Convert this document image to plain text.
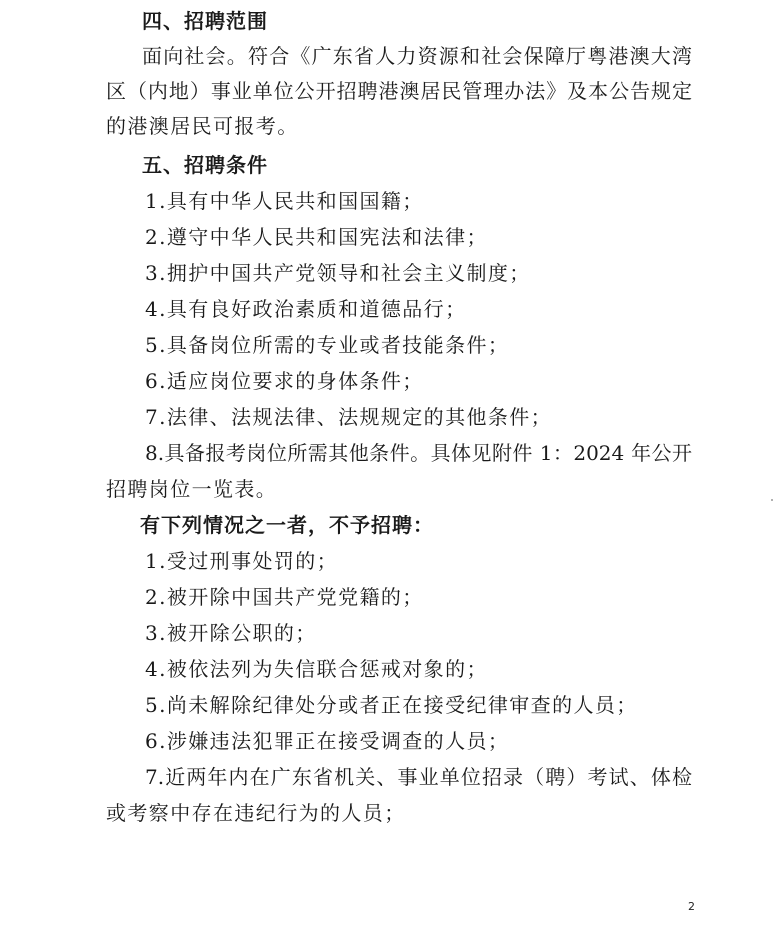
四、招聘范围
面向社会。符合《广东省人力资源和社会保障厅粤港澳大湾
区（内地）事业单位公开招聘港澳居民管理办法》及本公告规定
的港澳居民可报考。
五、招聘条件
1.具有中华人民共和国国籍；
2.遵守中华人民共和国宪法和法律；
3.拥护中国共产党领导和社会主义制度；
4.具有良好政治素质和道德品行；
5.具备岗位所需的专业或者技能条件；
6.适应岗位要求的身体条件；
7.法律、法规法律、法规规定的其他条件；
8.具备报考岗位所需其他条件。具体见附件 1：2024 年公开
招聘岗位一览表。
有下列情况之一者，不予招聘：
1.受过刑事处罚的；
2.被开除中国共产党党籍的；
3.被开除公职的；
4.被依法列为失信联合惩戒对象的；
5.尚未解除纪律处分或者正在接受纪律审查的人员；
6.涉嫌违法犯罪正在接受调查的人员；
7.近两年内在广东省机关、事业单位招录（聘）考试、体检
或考察中存在违纪行为的人员；
2
